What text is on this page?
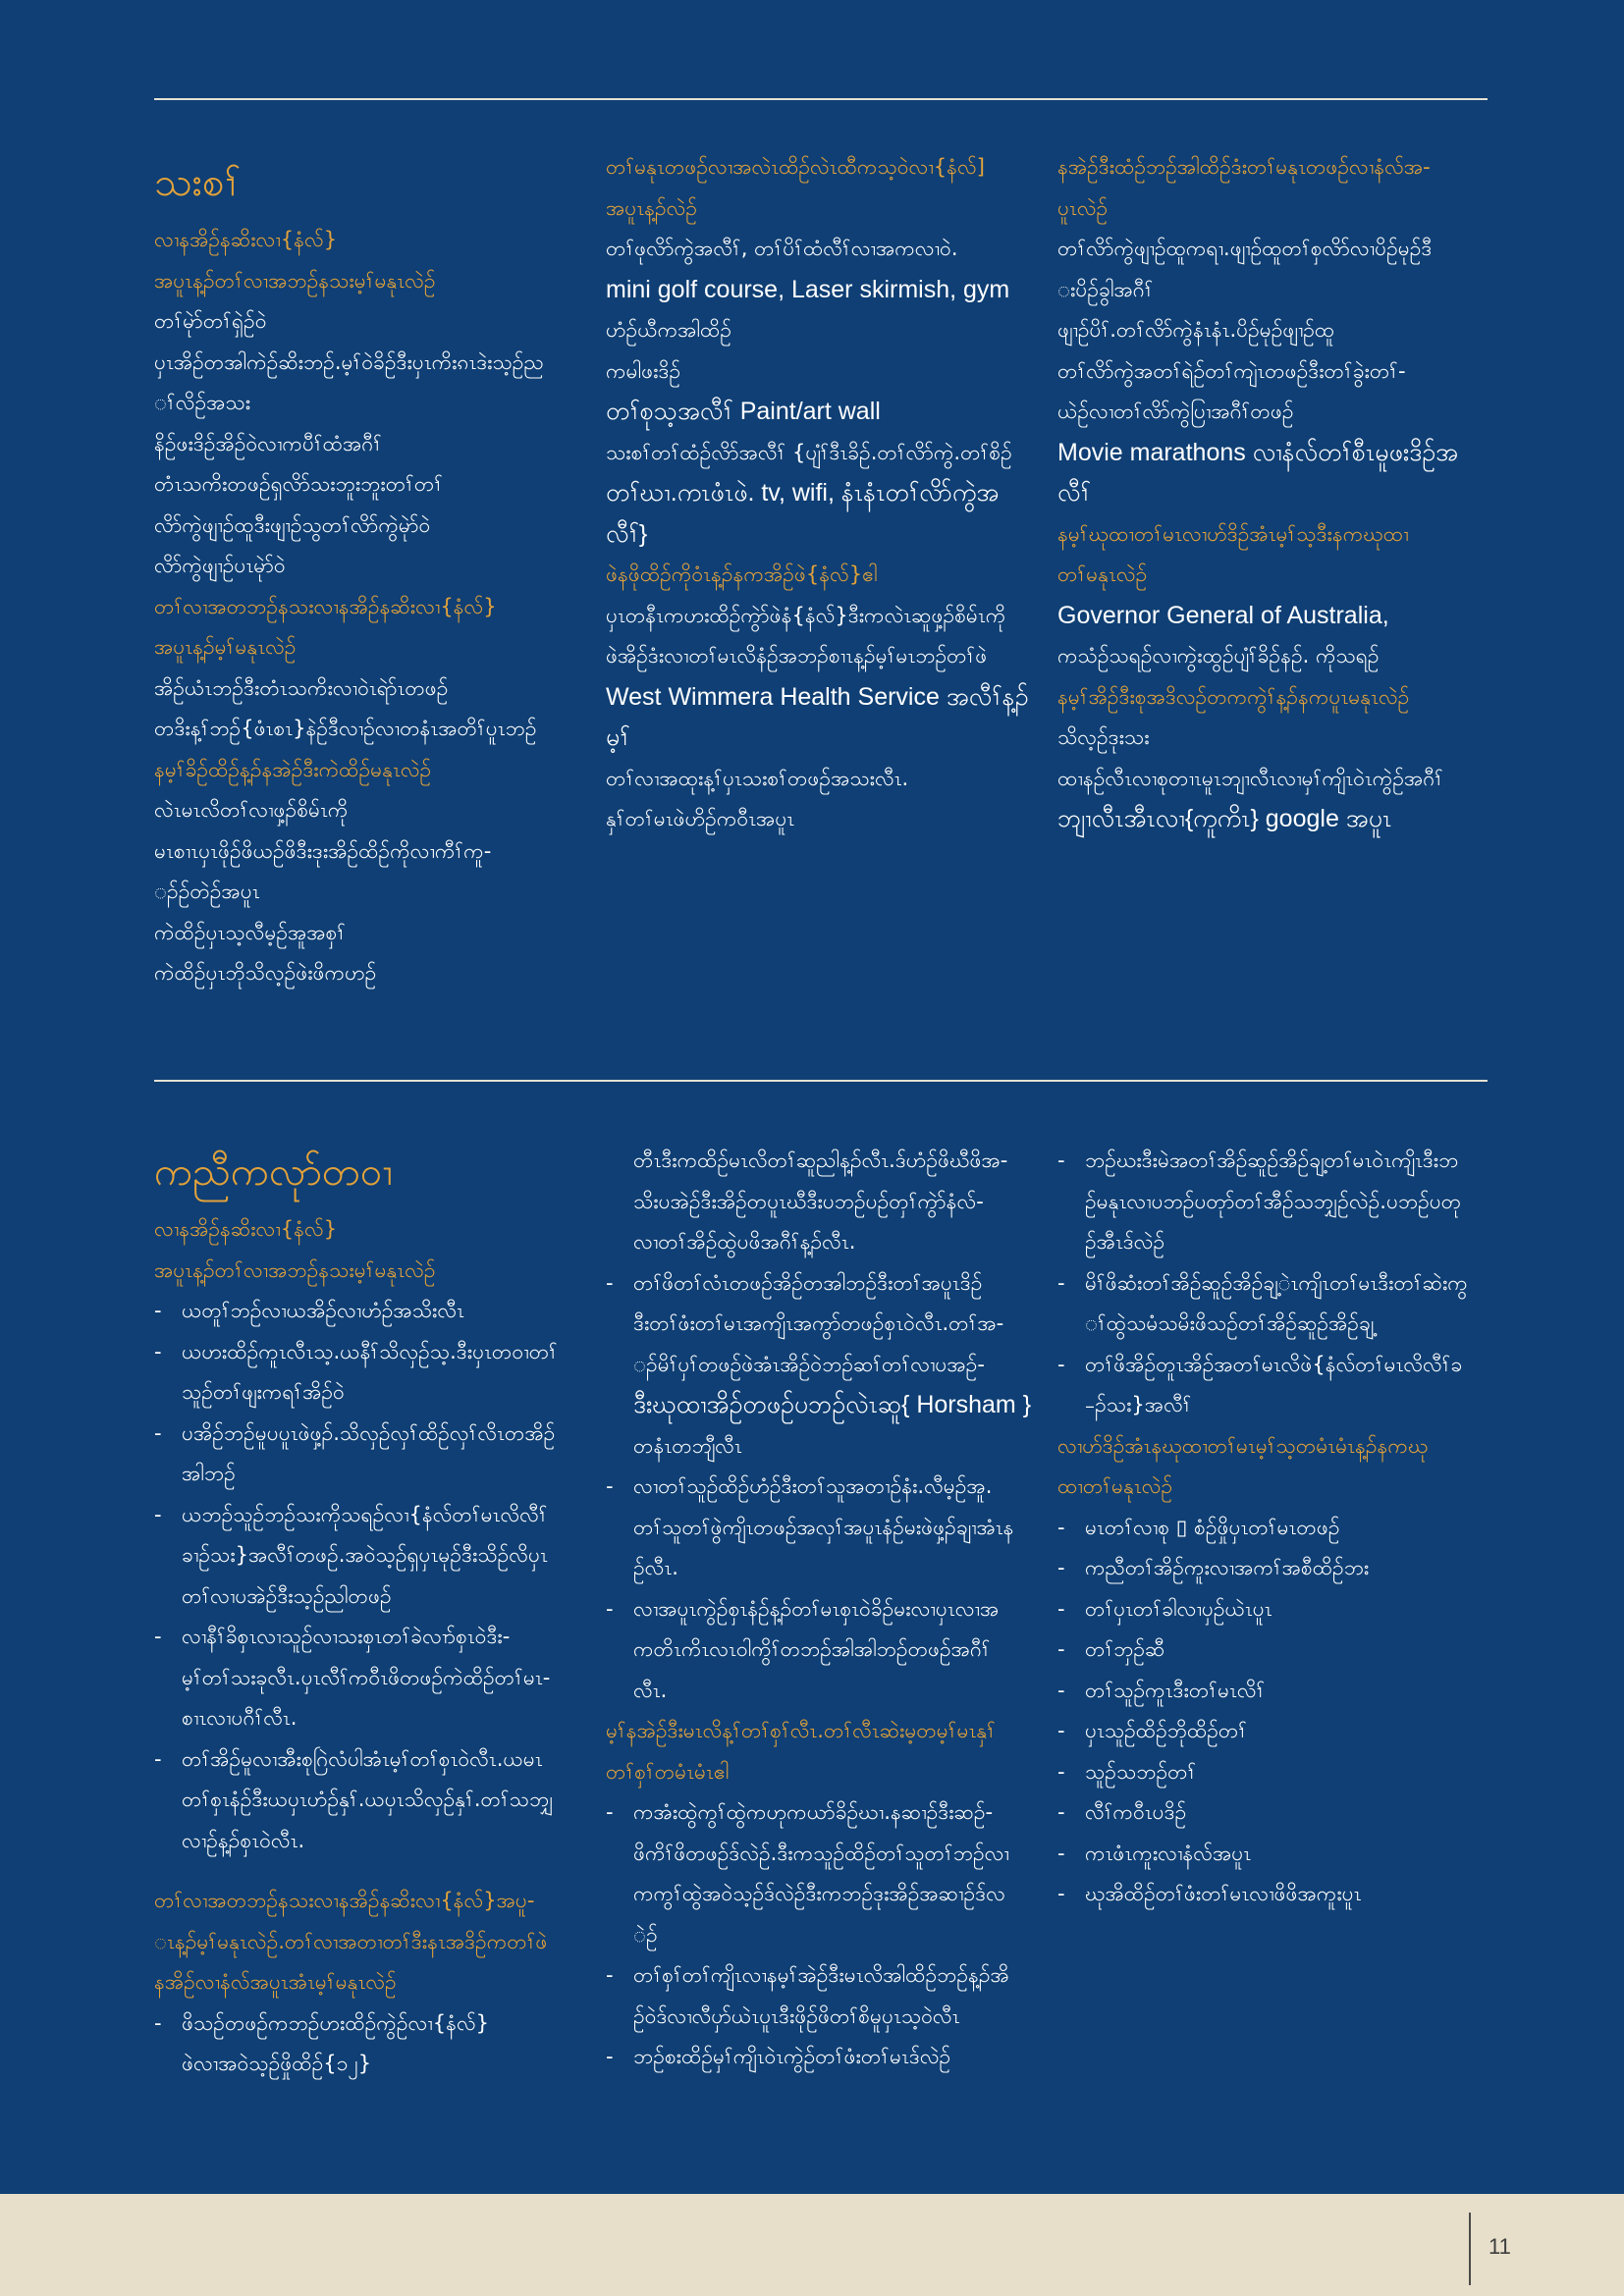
သးစၢ်

လၢနအိဉ်နဆိးလၢ{နံလ်}

အပူၤန့ၣ်တၢ်လၢအဘဉ်နသးမ့ၢ်မနုၤလဲဉ်

တၢ်မုဲာ်တၢ်ရှဲဉ်ဝဲ

ပှၤအိဉ်တအါကဲဉ်ဆိးဘဉ်.မ့ၢ်ဝဲခိဉ်ဒီးပှၤကိးၵၤဒဲးသ့ဉ်ည

ၢ်လိဉ်အသး

နိဉ်ဖးဒိဉ်အိဉ်ဝဲလၢကပီၢ်ထံအဂီၢ်

တံၤသကိးတဖဉ်ရှလိာ်သးဘူးဘူးတၢ်တၢ်

လိာ်ကွဲဖျၢဉ်ထူဒီးဖျၢဉ်သွတၢ်လိာ်ကွဲမုဲာ်ဝဲ

လိာ်ကွဲဖျၢဉ်ပၤမုဲာ်ဝဲ

တၢ်လၢအတဘဉ်နသးလၢနအိဉ်နဆိးလၢ{နံလ်}

အပူၤန့ၣ်မ့ၢ်မနုၤလဲဉ်

အိဉ်ယံၤဘဉ်ဒီးတံၤသကိးလၢဝဲၤရဲာ်ၤတဖဉ်

တဒိးန့ၢ်ဘဉ်{ဖံၤစၤ}နဲဉ်ဒီလၢဉ်လၢတနံၤအတိၢ်ပူၤဘဉ်

နမ့ၢ်ခိဉ်ထိဉ်န့ၣ်နအဲဉ်ဒီးကဲထိဉ်မနုၤလဲဉ်

လဲၤမၤလိတၢ်လၢဖှ့ၣ်စိမ်ၤကို

မၤစၢၤပှၤဖိုဉ်ဖိယဉ်ဖိဒီးဒုးအိဉ်ထိဉ်ကိုလၢကီၢ်ကူ-

ၣ်ဉ်တဲဉ်အပူၤ

ကဲထိဉ်ပှၤသ့လီမ့ဉ်အူအစှၢ်

ကဲထိဉ်ပှၤဘိုသိလ့ဉ်ဖဲးဖိကဟဉ်

တၢ်မနုၤတဖဉ်လၢအလဲၤထိဉ်လဲၤထီကသ့ဝဲလၢ{နံလ်]

အပူၤန့ၣ်လဲဉ်

တၢ်ဖုလိာ်ကွဲအလီၢ်, တၢ်ပိၢ်ထံလီၢ်လၢအကလၢဝဲ.

mini golf course, Laser skirmish, gym

ဟံဉ်ယီကအါထိဉ်

ကမါဖးဒိဉ်

တၢ်စုသ့အလီၢ် Paint/art wall

သးစၢ်တၢ်ထံဉ်လိာ်အလီၢ် {ပျံၢ်ဒီၤခိဉ်.တၢ်လိာ်ကွဲ.တၢ်စိဉ်

တၢ်ဃၢ.ကၤဖံၤဖဲ. tv, wifi, နံၤနံၤတၢ်လိာ်ကွဲအလီၢ်}

ဖဲနဖိုထိဉ်ကိုဝံၤန့ၣ်နကအိဉ်ဖဲ{နံလ်}ဧါ

ပှၤတနီၤကဟးထိဉ်ကွဲာ်ဖဲနံ{နံလ်}ဒီးကလဲၤဆူဖှ့ၣ်စိမ်ၤကို

ဖဲအိဉ်ဒံးလၢတၢ်မၤလိနံဉ်အဘၣ်စၢၤန့ၣ်မ့ၢ်မၤဘဉ်တၢ်ဖဲ

West Wimmera Health Service အလီၢ်န့ၣ်မ့ၢ်

တၢ်လၢအထုးန့ၢ်ပှၤသးစၢ်တဖဉ်အသးလီၤ.

နှၢ်တၢ်မၤဖဲဟိဉ်ကဝီၤအပူၤ

နအဲဉ်ဒီးထံဉ်ဘဉ်အါထိဉ်ဒံးတၢ်မနုၤတဖဉ်လၢနံလ်အ-

ပူၤလဲဉ်

တၢ်လိာ်ကွဲဖျၢဉ်ထူကရၢ.ဖျၢဉ်ထူတၢ်စှလိာ်လၢပိဉ်မုဉ်ဒီ

းပိဉ်ခွါအဂီၢ်

ဖျၢဉ်ပိၢ်.တၢ်လိာ်ကွဲနံၤနံၤ.ပိဉ်မုဉ်ဖျၢဉ်ထူ

တၢ်လိာ်ကွဲအတၢ်ရဲဉ်တၢ်ကျဲၤတဖဉ်ဒီးတၢ်ခွဲးတၢ်-

ယဲဉ်လၢတၢ်လိာ်ကွဲပြၢအဂီၢ်တဖဉ်

Movie marathons လၢနံလ်တၢ်စီၤမူဖးဒိဉ်အလီၢ်

နမ့ၢ်ဃုထၢတၢ်မၤလၢဟ်ဒိဉ်အံၤမ့ၢ်သ့ဒီးနကဃုထၢ

တၢ်မနုၤလဲဉ်

Governor General of Australia,

ကသံဉ်သရဉ်လၢကွဲးထွဉ်ပျံၢ်ခိဉ်နဉ်. ကိုသရဉ်

နမ့ၢ်အိဉ်ဒီးစုအဒိလဉ်တကကွဲၢ်န့ၣ်နကပူၤမနုၤလဲဉ်

သိလ့ဉ်ဒုးသး

ထၢနဉ်လီၤလၢစုတၢၤမူၤဘျၢလီၤလၢမှၢ်ကျိၤဝဲၤကွဲဉ်အဂီၢ်

ဘျၢလီၤအီၤလၢ{ကူကိၤ} google အပူၤ

ကညီကလုာ်တဝၢ

လၢနအိဉ်နဆိးလၢ{နံလ်}

အပူၤန့ၣ်တၢ်လၢအဘဉ်နသးမ့ၢ်မနုၤလဲဉ်

- ယတူၢ်ဘဉ်လၢယအိဉ်လၢဟံဉ်အသိးလီၤ

- ယဟးထိဉ်ကူၤလီၤသ့.ယနီၢ်သိလှဉ်သ့.ဒီးပှၤတဝၢတၢ်

သူဉ်တၢ်ဖျးကရၢ်အိဉ်ဝဲ

- ပအိဉ်ဘဉ်မူပပူၤဖဲဖှ့ၣ်.သိလှဉ်လှၢ်ထိဉ်လှၢ်လိၤတအိဉ်

အါဘဉ်

- ယဘဉ်သူဉ်ဘဉ်သးကိုသရဉ်လၢ{နံလ်တၢ်မၤလိလီၢ်

ခၢဉ်သး}အလီၢ်တဖဉ်.အဝဲသ့ဉ်ရှပှၤမုဉ်ဒီးသိဉ်လိပှၤ

တၢ်လၢပအဲဉ်ဒီးသ့ဉ်ညါတဖဉ်

- လၢနီၢ်ခိစှၤလၢသူဉ်လၢသးစှၤတၢ်ခဲလၢာ်စှၤဝဲဒီး-

မ့ၢ်တၢ်သးခုလီၤ.ပှၤလီၢ်ကဝီၤဖိတဖဉ်ကဲထိဉ်တၢ်မၤ-

စၢၤလၢပဂီၢ်လီၤ.

- တၢ်အိဉ်မူလၢအီးစုဂြဲလံပါအံၤမ့ၢ်တၢ်စှၤဝဲလီၤ.ယမၤ

တၢ်စှၤနံဉ်ဒီးယပှၤဟံဉ်နှၢ်.ယပှၤသိလှဉ်နှၢ်.တၢ်သဘျှ

လၢဉ်န့ၣ်စှၤဝဲလီၤ.

တၢ်လၢအတဘဉ်နသးလၢနအိဉ်နဆိးလၢ{နံလ်}အပူ-

ၤန့ၣ်မ့ၢ်မနုၤလဲဉ်.တၢ်လၢအတၢတၢ်ဒီးနၤအဒိဉ်ကတၢ်ဖဲ

နအိဉ်လၢနံလ်အပူၤအံၤမ့ၢ်မနုၤလဲဉ်

- ဖိသဉ်တဖဉ်ကဘဉ်ဟးထိဉ်ကွဲဉ်လၢ{နံလ်}

ဖဲလၢအဝဲသ့ဉ်ဖှိုထိဉ်{၁၂}

တီၤဒီးကထိဉ်မၤလိတၢ်ဆူညါန့ၣ်လီၤ.ဒ်ဟံဉ်ဖိဃီဖိအ-

သိးပအဲဉ်ဒီးအိဉ်တပူၤဃီဒီးပဘဉ်ပဉ်တှၢ်ကွဲာ်နံလ်-

လၢတၢ်အိဉ်ထွဲပဖိအဂီၢ်န့ၣ်လီၤ.

- တၢ်ဖိတၢ်လံၤတဖဉ်အိဉ်တအါဘဉ်ဒီးတၢ်အပူၤဒိဉ်

ဒီးတၢ်ဖံးတၢ်မၤအကျိၤအကွာ်တဖဉ်စှၤဝဲလီၤ.တၢ်အ-

ၣ်မိၢ်ပှၢ်တဖဉ်ဖဲအံၤအိဉ်ဝဲဘဉ်ဆၢ်တၢ်လၢပအဉ်-

ဒီးဃုထၢအိဉ်တဖဉ်ပဘဉ်လဲၤဆူ{ Horsham }

တနံၤတဘျီလီၤ

- လၢတၢ်သူဉ်ထိဉ်ဟံဉ်ဒီးတၢ်သူအတၢဉ်နံး.လီမ့ဉ်အူ.

တၢ်သူတၢ်ဖွဲကျိၤတဖဉ်အလှၢ်အပူၤနံဉ်မးဖဲဖှ့ၣ်ချၢအံၤန

ဉ်လီၤ.

- လၢအပူၤကွဲဉ်စှၤနံဉ်န့ၣ်တၢ်မၤစှၤဝဲခိဉ်မးလၢပှၤလၢအ

ကတိၤကိၤလၤဝါကွိၢ်တဘဉ်အါအါဘဉ်တဖဉ်အဂီၢ်

လီၤ.

မ့ၢ်နအဲဉ်ဒီးမၤလိန့ၢ်တၢ်စှၢ်လီၤ.တၢ်လီၤဆဲးမ့တမ့ၢ်မၤနှၢ်

တၢ်စှၢ်တမံၤမံၤဧါ

- ကအံးထွဲကွၢ်ထွဲကဟုကယာ်ခိဉ်ဃၢ.နဆၢဉ်ဒီးဆဉ်-

ဖိကိၢ်ဖိတဖဉ်ဒ်လဲဉ်.ဒီးကသူဉ်ထိဉ်တၢ်သူတၢ်ဘဉ်လၢ

ကကွၢ်ထွဲအဝဲသ့ဉ်ဒ်လဲဉ်ဒီးကဘဉ်ဒုးအိဉ်အဆၢဉ်ဒ်လ

ဲဉ်

- တၢ်စှၢ်တၢ်ကျိၤလၢနမ့ၢ်အဲဉ်ဒီးမၤလိအါထိဉ်ဘဉ်န့ၣ်အိ

ဉ်ဝဲဒ်လၢလီပှာ်ယဲၤပူၤဒီးဖိုဉ်ဖိတၢ်စိမူပှၤသ့ဝဲလီၤ

- ဘဉ်စးထိဉ်မှၢ်ကျိၤဝဲၤကွဲဉ်တၢ်ဖံးတၢ်မၤဒ်လဲဉ်

- ဘဉ်ဃးဒီးမဲအတၢ်အိဉ်ဆူဉ်အိဉ်ချ့တၢ်မၤဝဲၤကျိၤဒီးဘ

ဉ်မနုၤလၢပဘဉ်ပတုာ်တၢ်အီဉ်သဘျှဉ်လဲဉ်.ပဘဉ်ပတု

ဉ်အီၤဒ်လဲဉ်

- မိၢ်ဖိဆံးတၢ်အိဉ်ဆူဉ်အိဉ်ချ့ဲၤကျိၤတၢ်မၤဒီးတၢ်ဆဲးကွ

ၢ်ထွဲသမံသမိးဖိသဉ်တၢ်အိဉ်ဆူဉ်အိဉ်ချ့

- တၢ်ဖိအိဉ်တူၤအိဉ်အတၢ်မၤလိဖဲ{နံလ်တၢ်မၤလိလီၢ်ခ

-ၣ်သး}အလီၢ်

လၢဟ်ဒိဉ်အံၤနဃုထၢတၢ်မၤမ့ၢ်သ့တမံၤမံၤန့ၣ်နကဃု

ထၢတၢ်မနုၤလဲဉ်

- မၤတၢ်လၢစု ▯ စံဉ်ဖှိုပှၤတၢ်မၤတဖဉ်

- ကညီတၢ်အိဉ်ကူးလၢအကၢ်အစီထိဉ်ဘး

- တၢ်ပှၤတၢ်ခါလၢပှဉ်ယဲၤပူၤ

- တၢ်ဘှဉ်ဆီ

- တၢ်သူဉ်ကူၤဒီးတၢ်မၤလိၢ်

- ပှၤသူဉ်ထိဉ်ဘိုထိဉ်တၢ်

- သူဉ်သဘဉ်တၢ်

- လီၢ်ကဝီၤပဒိဉ်

- ကၤဖံၤကူးလၢနံလ်အပူၤ

- ဃုအိထိဉ်တၢ်ဖံးတၢ်မၤလၢဖိဖိအကူးပူၤ

11
